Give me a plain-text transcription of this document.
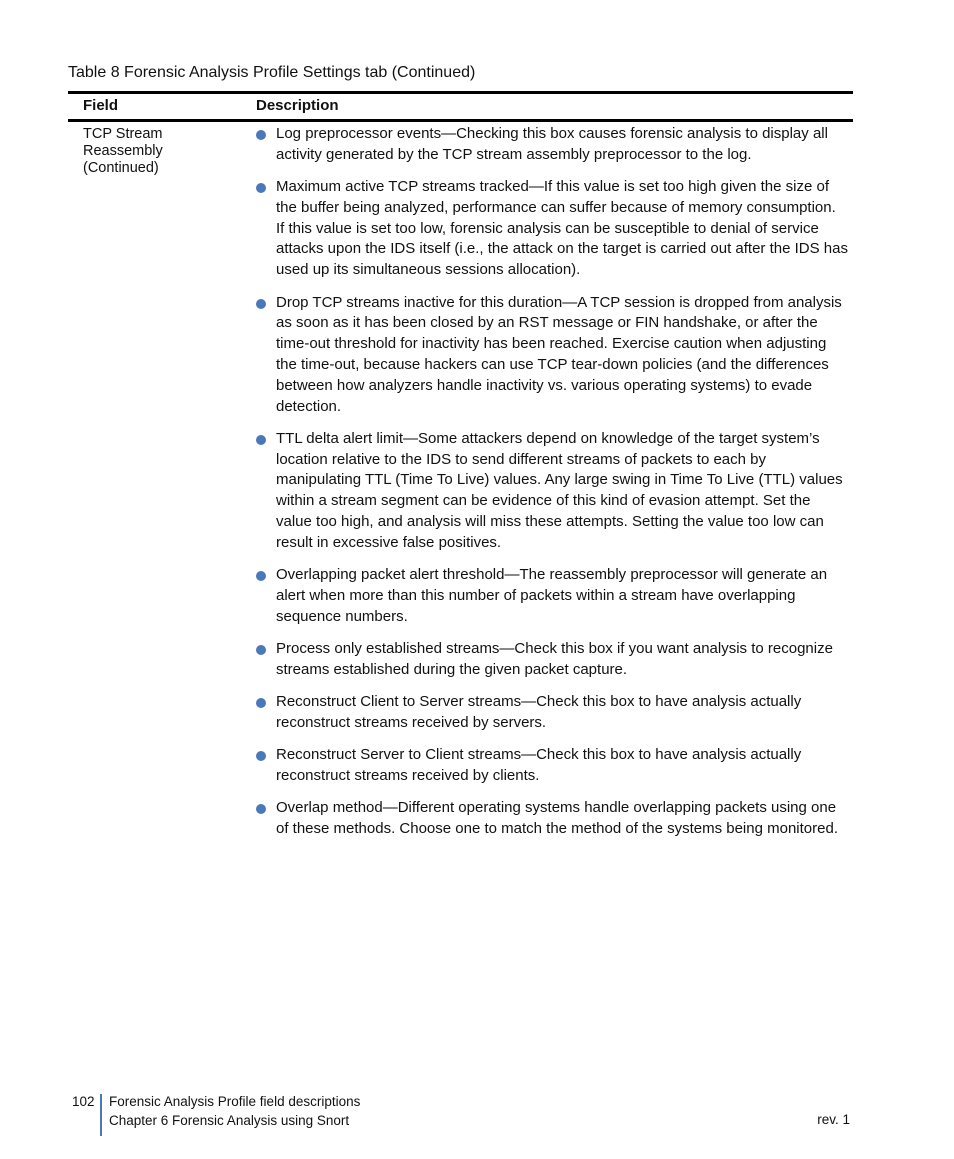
Table 8 Forensic Analysis Profile Settings tab (Continued)
Field	Description
TCP Stream Reassembly (Continued)
Log preprocessor events—Checking this box causes forensic analysis to display all activity generated by the TCP stream assembly preprocessor to the log.
Maximum active TCP streams tracked—If this value is set too high given the size of the buffer being analyzed, performance can suffer because of memory consumption. If this value is set too low, forensic analysis can be susceptible to denial of service attacks upon the IDS itself (i.e., the attack on the target is carried out after the IDS has used up its simultaneous sessions allocation).
Drop TCP streams inactive for this duration—A TCP session is dropped from analysis as soon as it has been closed by an RST message or FIN handshake, or after the time-out threshold for inactivity has been reached. Exercise caution when adjusting the time-out, because hackers can use TCP tear-down policies (and the differences between how analyzers handle inactivity vs. various operating systems) to evade detection.
TTL delta alert limit—Some attackers depend on knowledge of the target system’s location relative to the IDS to send different streams of packets to each by manipulating TTL (Time To Live) values. Any large swing in Time To Live (TTL) values within a stream segment can be evidence of this kind of evasion attempt. Set the value too high, and analysis will miss these attempts. Setting the value too low can result in excessive false positives.
Overlapping packet alert threshold—The reassembly preprocessor will generate an alert when more than this number of packets within a stream have overlapping sequence numbers.
Process only established streams—Check this box if you want analysis to recognize streams established during the given packet capture.
Reconstruct Client to Server streams—Check this box to have analysis actually reconstruct streams received by servers.
Reconstruct Server to Client streams—Check this box to have analysis actually reconstruct streams received by clients.
Overlap method—Different operating systems handle overlapping packets using one of these methods. Choose one to match the method of the systems being monitored.
102 Forensic Analysis Profile field descriptions
Chapter 6 Forensic Analysis using Snort	rev. 1
